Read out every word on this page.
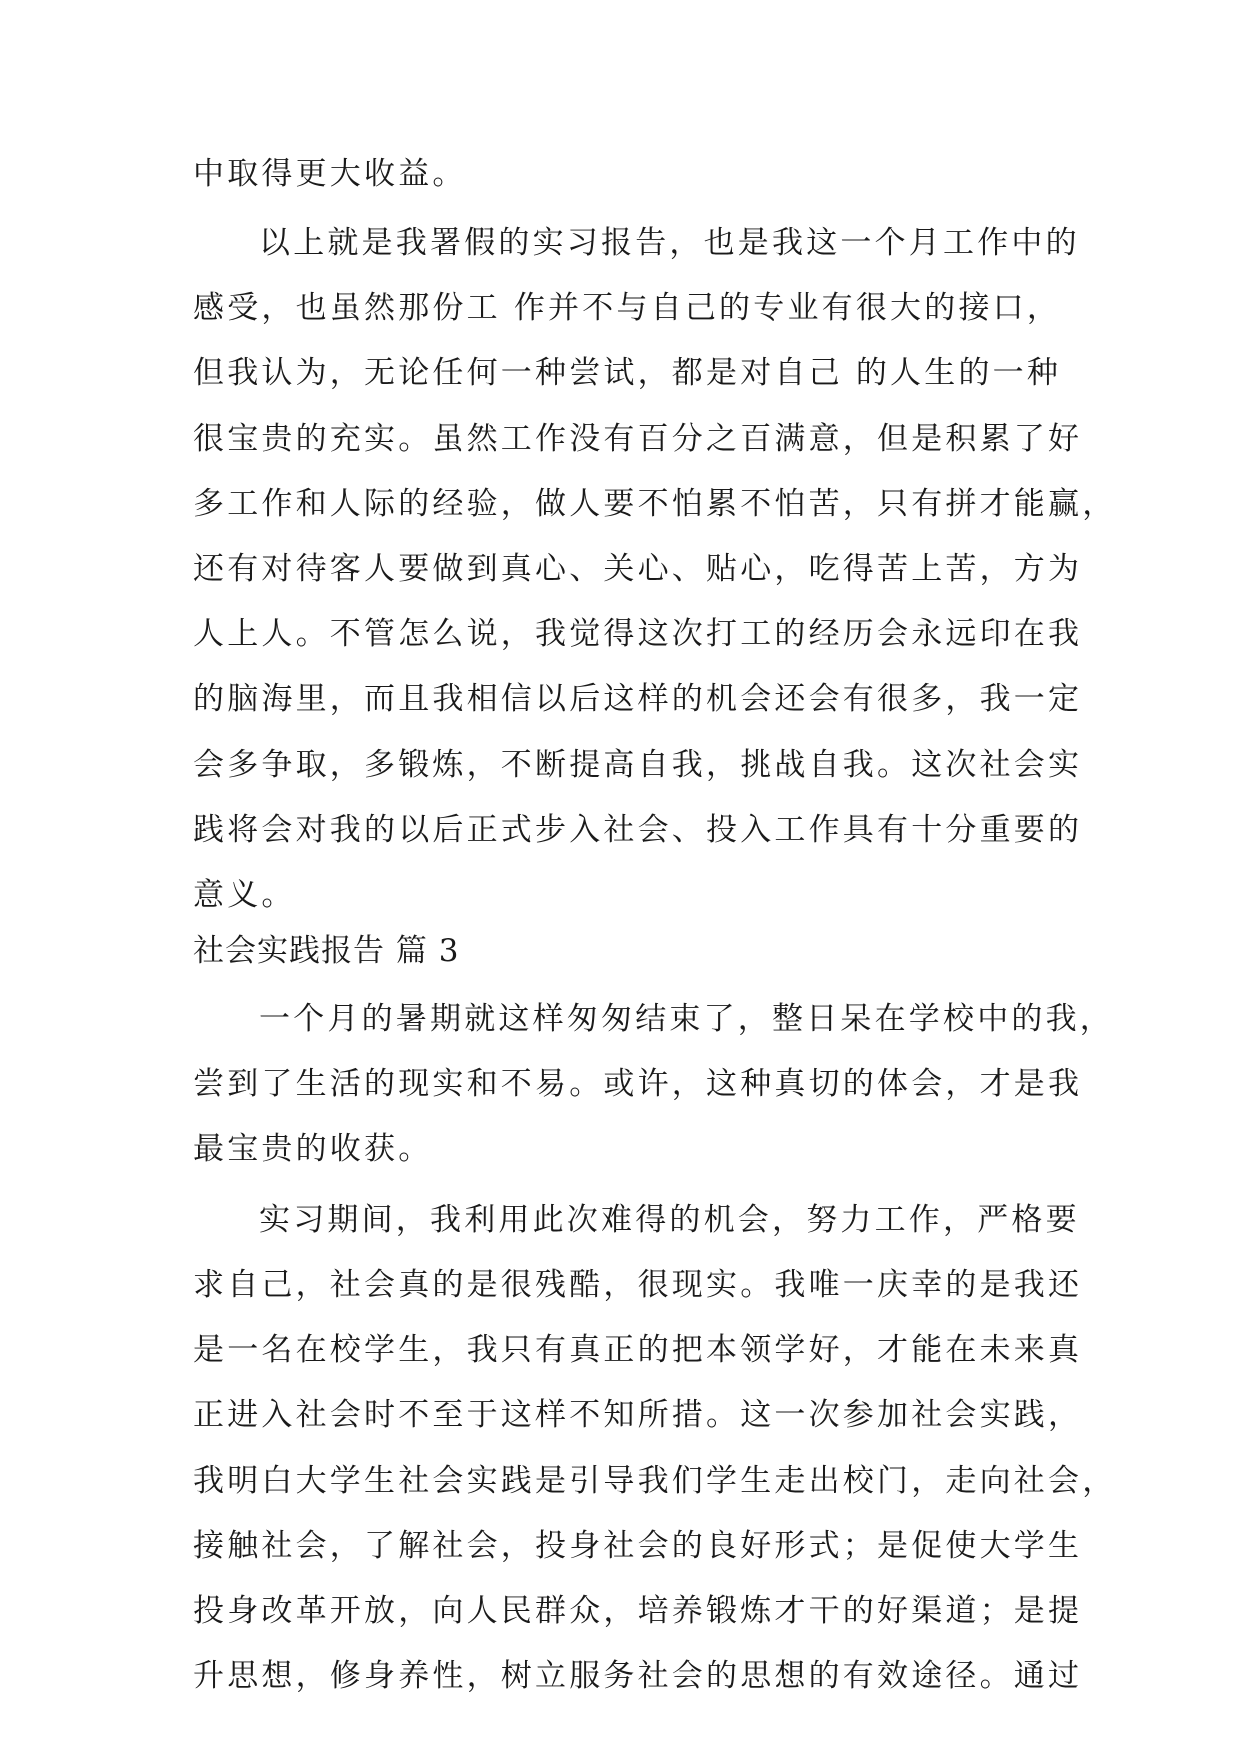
中取得更大收益。
以上就是我署假的实习报告，也是我这一个月工作中的
感受，也虽然那份工 作并不与自己的专业有很大的接口，
但我认为，无论任何一种尝试，都是对自己 的人生的一种
很宝贵的充实。虽然工作没有百分之百满意，但是积累了好
多工作和人际的经验，做人要不怕累不怕苦，只有拼才能赢，
还有对待客人要做到真心、关心、贴心，吃得苦上苦，方为
人上人。不管怎么说，我觉得这次打工的经历会永远印在我
的脑海里，而且我相信以后这样的机会还会有很多，我一定
会多争取，多锻炼，不断提高自我，挑战自我。这次社会实
践将会对我的以后正式步入社会、投入工作具有十分重要的
意义。
社会实践报告 篇 3
一个月的暑期就这样匆匆结束了，整日呆在学校中的我，
尝到了生活的现实和不易。或许，这种真切的体会，才是我
最宝贵的收获。
实习期间，我利用此次难得的机会，努力工作，严格要
求自己，社会真的是很残酷，很现实。我唯一庆幸的是我还
是一名在校学生，我只有真正的把本领学好，才能在未来真
正进入社会时不至于这样不知所措。这一次参加社会实践，
我明白大学生社会实践是引导我们学生走出校门，走向社会，
接触社会，了解社会，投身社会的良好形式；是促使大学生
投身改革开放，向人民群众，培养锻炼才干的好渠道；是提
升思想，修身养性，树立服务社会的思想的有效途径。通过
